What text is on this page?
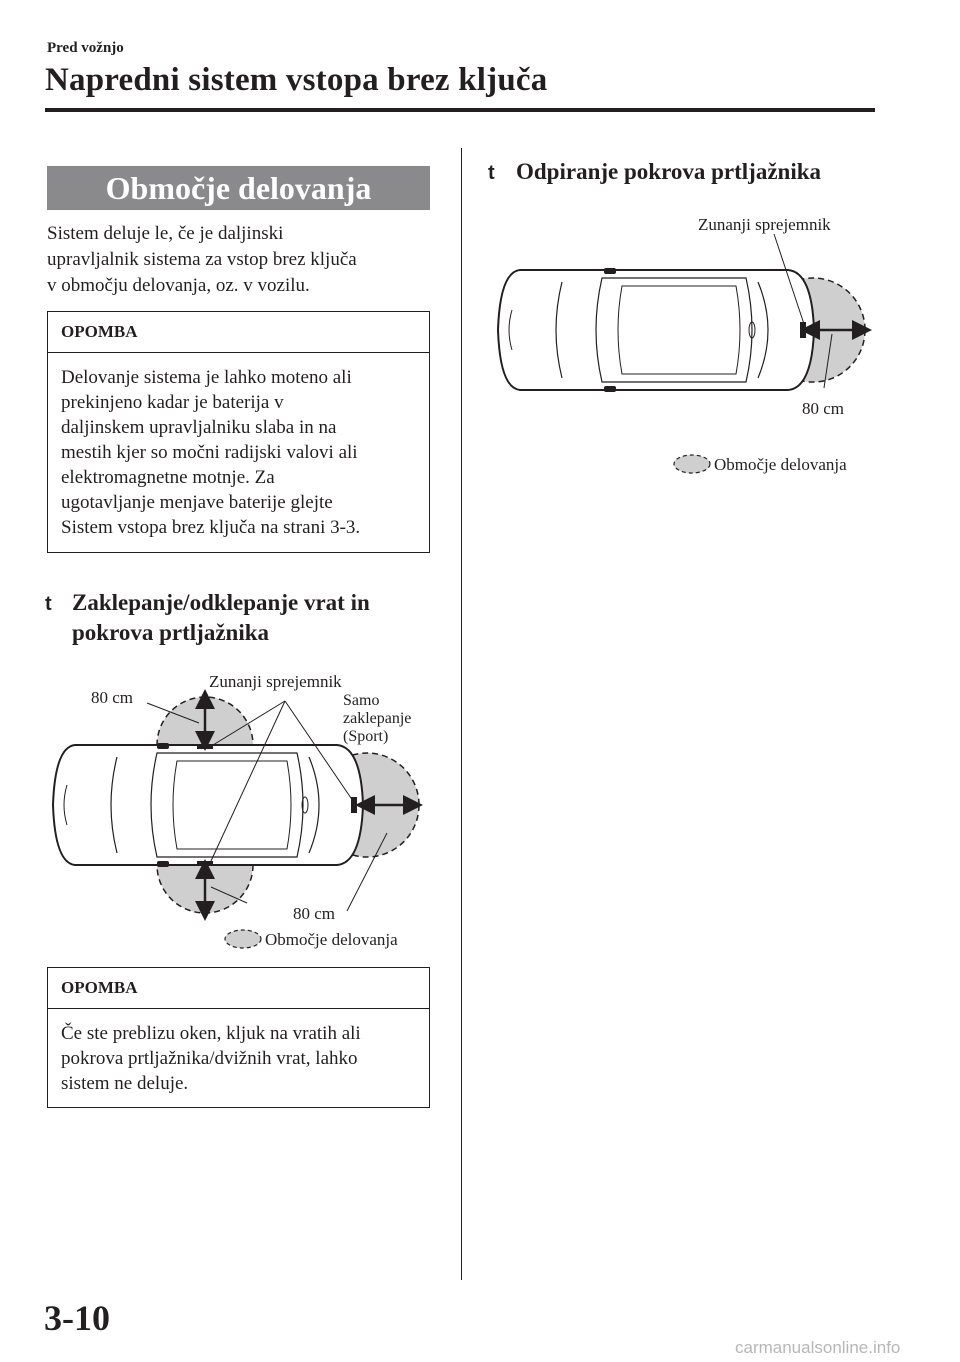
Pred vožnjo
Napredni sistem vstopa brez ključa
Območje delovanja
Sistem deluje le, če je daljinski
upravljalnik sistema za vstop brez ključa
v območju delovanja, oz. v vozilu.
OPOMBA
Delovanje sistema je lahko moteno ali
prekinjeno kadar je baterija v
daljinskem upravljalniku slaba in na
mestih kjer so močni radijski valovi ali
elektromagnetne motnje. Za
ugotavljanje menjave baterije glejte
Sistem vstopa brez ključa na strani 3-3.
t Zaklepanje/odklepanje vrat in
pokrova prtljažnika
80 cm
Zunanji sprejemnik
Samo
zaklepanje
(Sport)
80 cm
Območje delovanja
OPOMBA
Če ste preblizu oken, kljuk na vratih ali
pokrova prtljažnika/dvižnih vrat, lahko
sistem ne deluje.
t Odpiranje pokrova prtljažnika
Zunanji sprejemnik
80 cm
Območje delovanja
3-10
carmanualsonline.info
